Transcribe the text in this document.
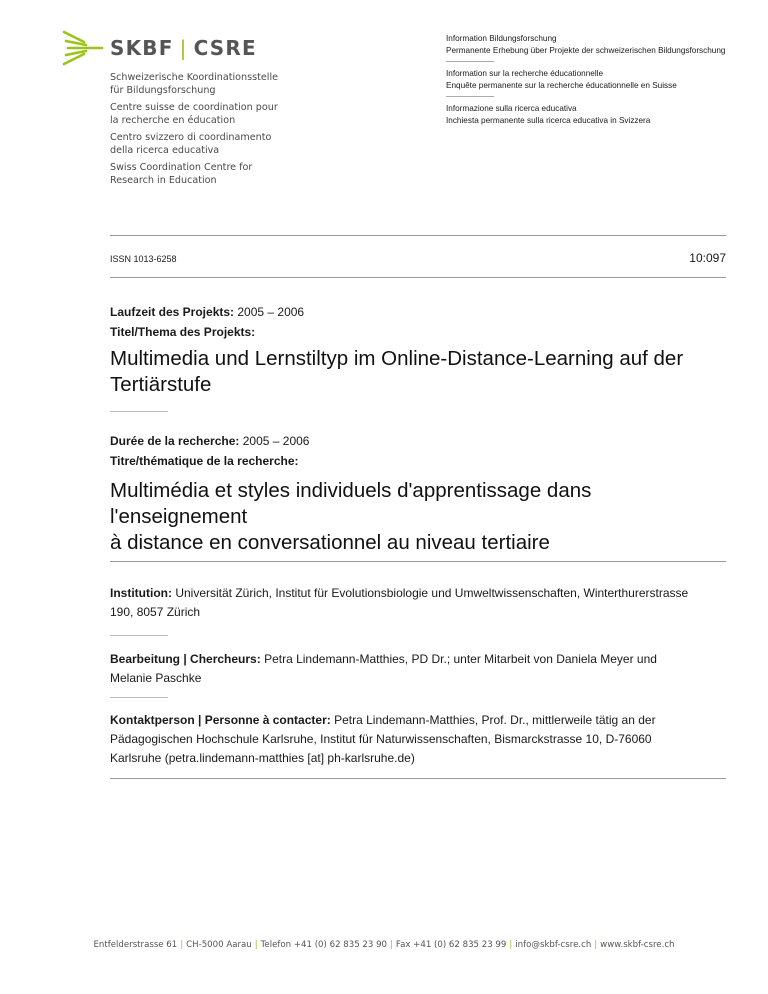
SKBF | CSRE
Schweizerische Koordinationsstelle
für Bildungsforschung
Centre suisse de coordination pour
la recherche en éducation
Centro svizzero di coordinamento
della ricerca educativa
Swiss Coordination Centre for
Research in Education
Information Bildungsforschung
Permanente Erhebung über Projekte der schweizerischen Bildungsforschung
Information sur la recherche éducationnelle
Enquête permanente sur la recherche éducationnelle en Suisse
Informazione sulla ricerca educativa
Inchiesta permanente sulla ricerca educativa in Svizzera
ISSN 1013-6258	10:097
Laufzeit des Projekts: 2005 – 2006
Titel/Thema des Projekts:
Multimedia und Lernstiltyp im Online-Distance-Learning auf der
Tertiärstufe
Durée de la recherche: 2005 – 2006
Titre/thématique de la recherche:
Multimédia et styles individuels d'apprentissage dans l'enseignement
à distance en conversationnel au niveau tertiaire
Institution: Universität Zürich, Institut für Evolutionsbiologie und Umweltwissenschaften, Winterthurerstrasse
190, 8057 Zürich
Bearbeitung | Chercheurs: Petra Lindemann-Matthies, PD Dr.; unter Mitarbeit von Daniela Meyer und
Melanie Paschke
Kontaktperson | Personne à contacter: Petra Lindemann-Matthies, Prof. Dr., mittlerweile tätig an der
Pädagogischen Hochschule Karlsruhe, Institut für Naturwissenschaften, Bismarckstrasse 10, D-76060
Karlsruhe (petra.lindemann-matthies [at] ph-karlsruhe.de)
Entfelderstrasse 61 | CH-5000 Aarau | Telefon +41 (0) 62 835 23 90 | Fax +41 (0) 62 835 23 99 | info@skbf-csre.ch | www.skbf-csre.ch
